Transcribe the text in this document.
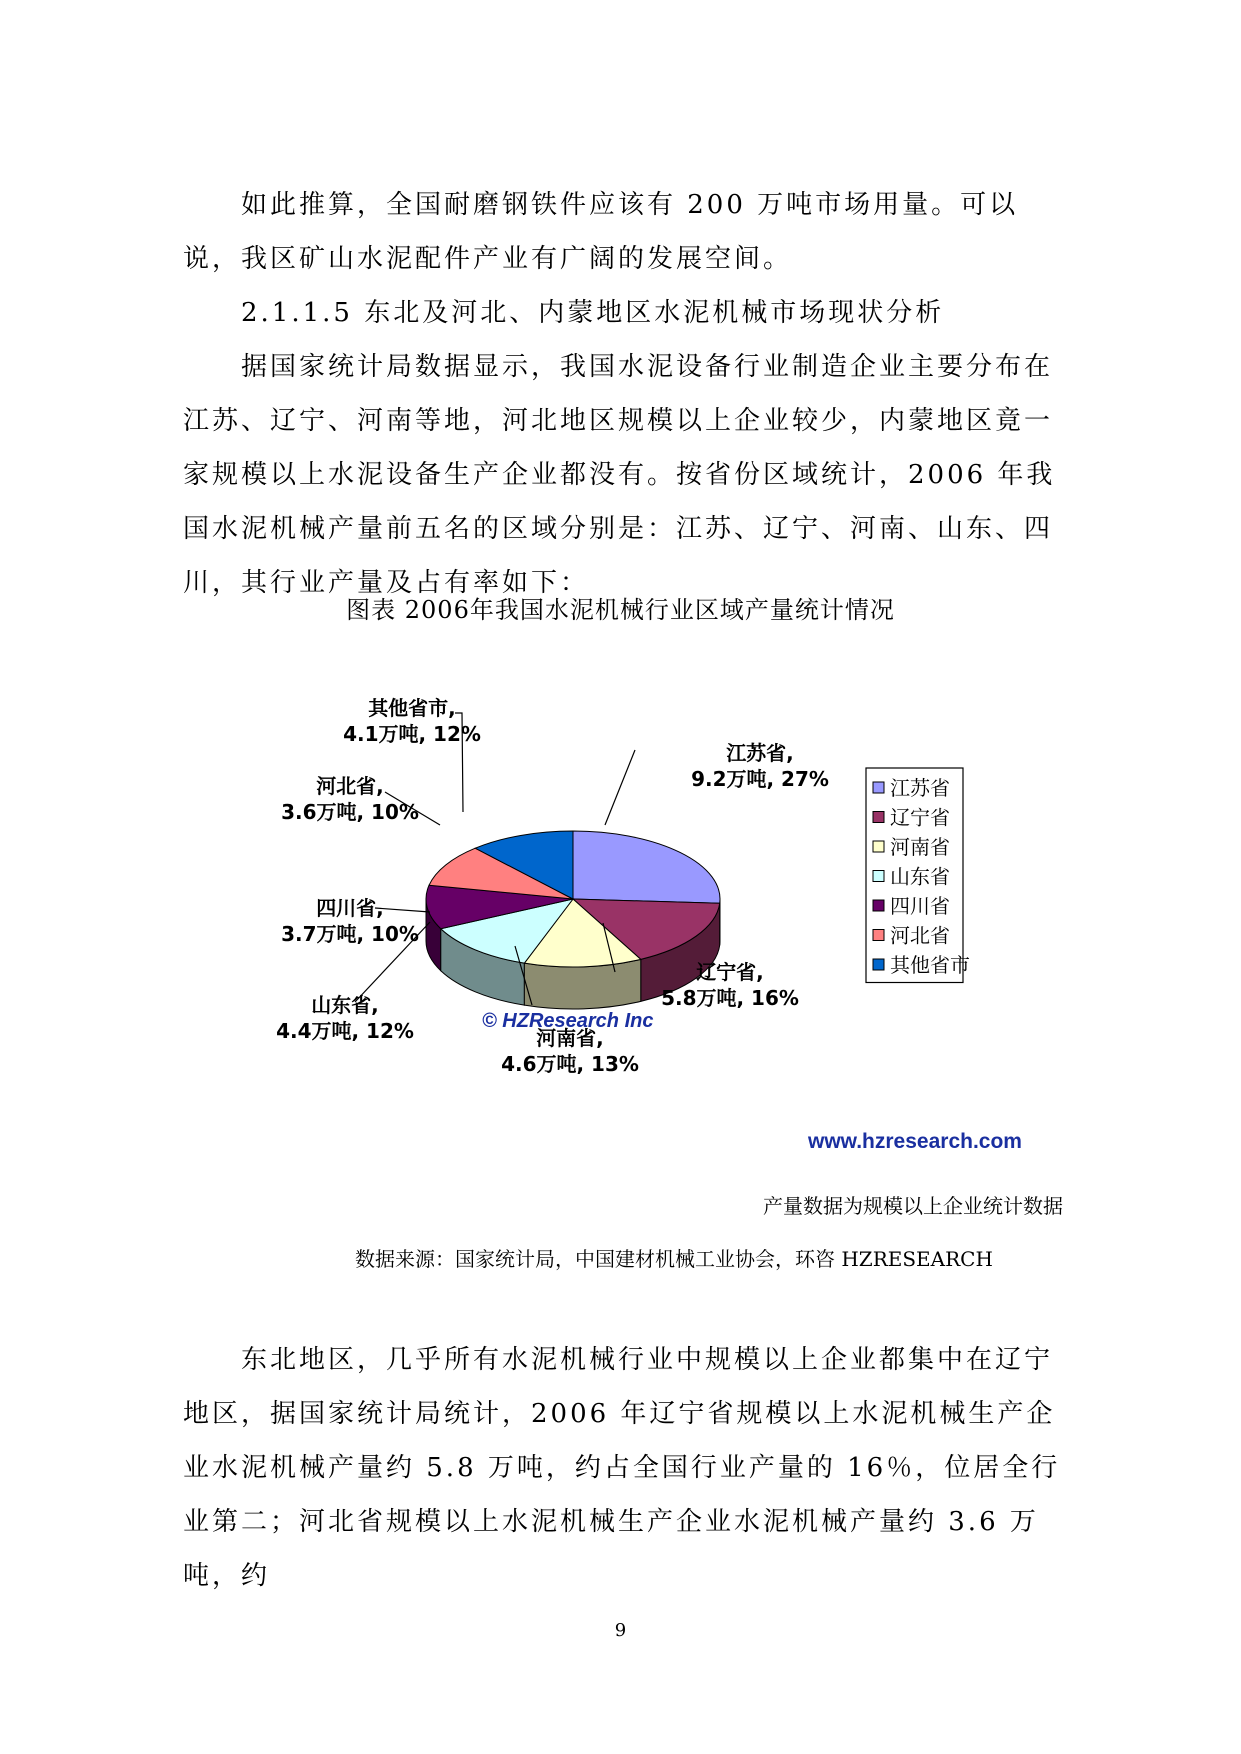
如此推算，全国耐磨钢铁件应该有 200 万吨市场用量。可以说，我区矿山水泥配件产业有广阔的发展空间。

2.1.1.5 东北及河北、内蒙地区水泥机械市场现状分析

据国家统计局数据显示，我国水泥设备行业制造企业主要分布在江苏、辽宁、河南等地，河北地区规模以上企业较少，内蒙地区竟一家规模以上水泥设备生产企业都没有。按省份区域统计，2006 年我国水泥机械产量前五名的区域分别是：江苏、辽宁、河南、山东、四川，其行业产量及占有率如下：

图表 2006年我国水泥机械行业区域产量统计情况
江苏省, 9.2万吨, 27%
辽宁省, 5.8万吨, 16%
河南省, 4.6万吨, 13%
山东省, 4.4万吨, 12%
四川省, 3.7万吨, 10%
河北省, 3.6万吨, 10%
其他省市, 4.1万吨, 12%
© HZResearch Inc
江苏省
辽宁省
河南省
山东省
四川省
河北省
其他省市
www.hzresearch.com
产量数据为规模以上企业统计数据
数据来源：国家统计局，中国建材机械工业协会，环咨 HZRESEARCH

东北地区，几乎所有水泥机械行业中规模以上企业都集中在辽宁地区，据国家统计局统计，2006 年辽宁省规模以上水泥机械生产企业水泥机械产量约 5.8 万吨，约占全国行业产量的 16％，位居全行业第二；河北省规模以上水泥机械生产企业水泥机械产量约 3.6 万吨，约

9
